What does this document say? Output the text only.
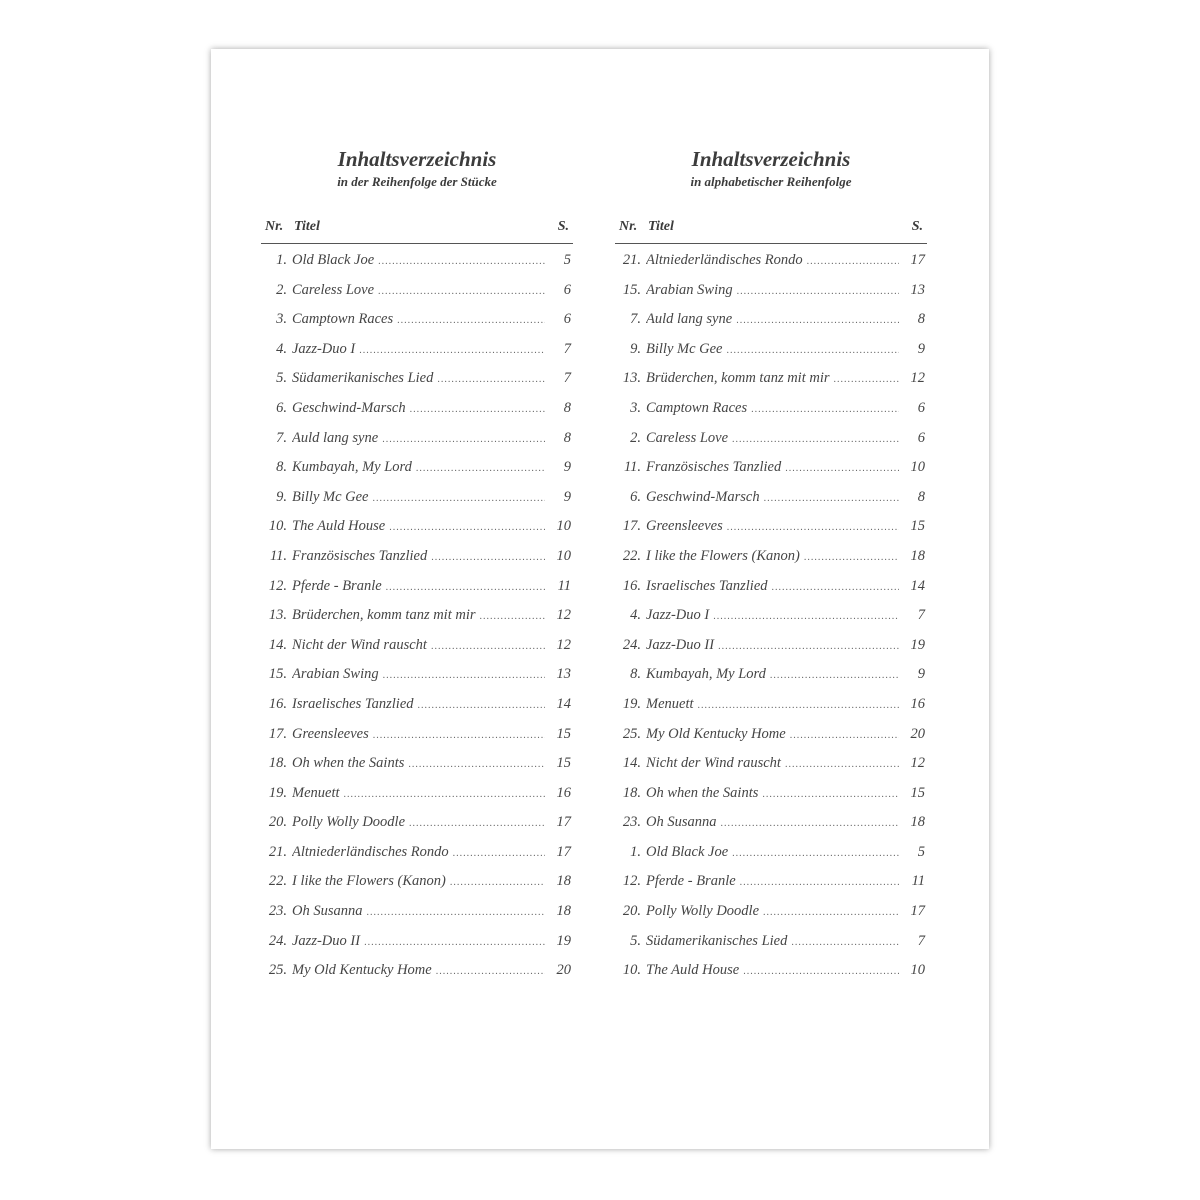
Inhaltsverzeichnis
in der Reihenfolge der Stücke
Nr. Titel	S.
1. Old Black Joe .....	5
2. Careless Love .....	6
3. Camptown Races .....	6
4. Jazz-Duo I .....	7
5. Südamerikanisches Lied .....	7
6. Geschwind-Marsch .....	8
7. Auld lang syne .....	8
8. Kumbayah, My Lord .....	9
9. Billy Mc Gee .....	9
10. The Auld House .....	10
11. Französisches Tanzlied .....	10
12. Pferde - Branle .....	11
13. Brüderchen, komm tanz mit mir .....	12
14. Nicht der Wind rauscht .....	12
15. Arabian Swing .....	13
16. Israelisches Tanzlied .....	14
17. Greensleeves .....	15
18. Oh when the Saints .....	15
19. Menuett .....	16
20. Polly Wolly Doodle .....	17
21. Altniederländisches Rondo .....	17
22. I like the Flowers (Kanon) .....	18
23. Oh Susanna .....	18
24. Jazz-Duo II .....	19
25. My Old Kentucky Home .....	20
Inhaltsverzeichnis
in alphabetischer Reihenfolge
Nr. Titel	S.
21. Altniederländisches Rondo .....	17
15. Arabian Swing .....	13
7. Auld lang syne .....	8
9. Billy Mc Gee .....	9
13. Brüderchen, komm tanz mit mir .....	12
3. Camptown Races .....	6
2. Careless Love .....	6
11. Französisches Tanzlied .....	10
6. Geschwind-Marsch .....	8
17. Greensleeves .....	15
22. I like the Flowers (Kanon) .....	18
16. Israelisches Tanzlied .....	14
4. Jazz-Duo I .....	7
24. Jazz-Duo II .....	19
8. Kumbayah, My Lord .....	9
19. Menuett .....	16
25. My Old Kentucky Home .....	20
14. Nicht der Wind rauscht .....	12
18. Oh when the Saints .....	15
23. Oh Susanna .....	18
1. Old Black Joe .....	5
12. Pferde - Branle .....	11
20. Polly Wolly Doodle .....	17
5. Südamerikanisches Lied .....	7
10. The Auld House .....	10
